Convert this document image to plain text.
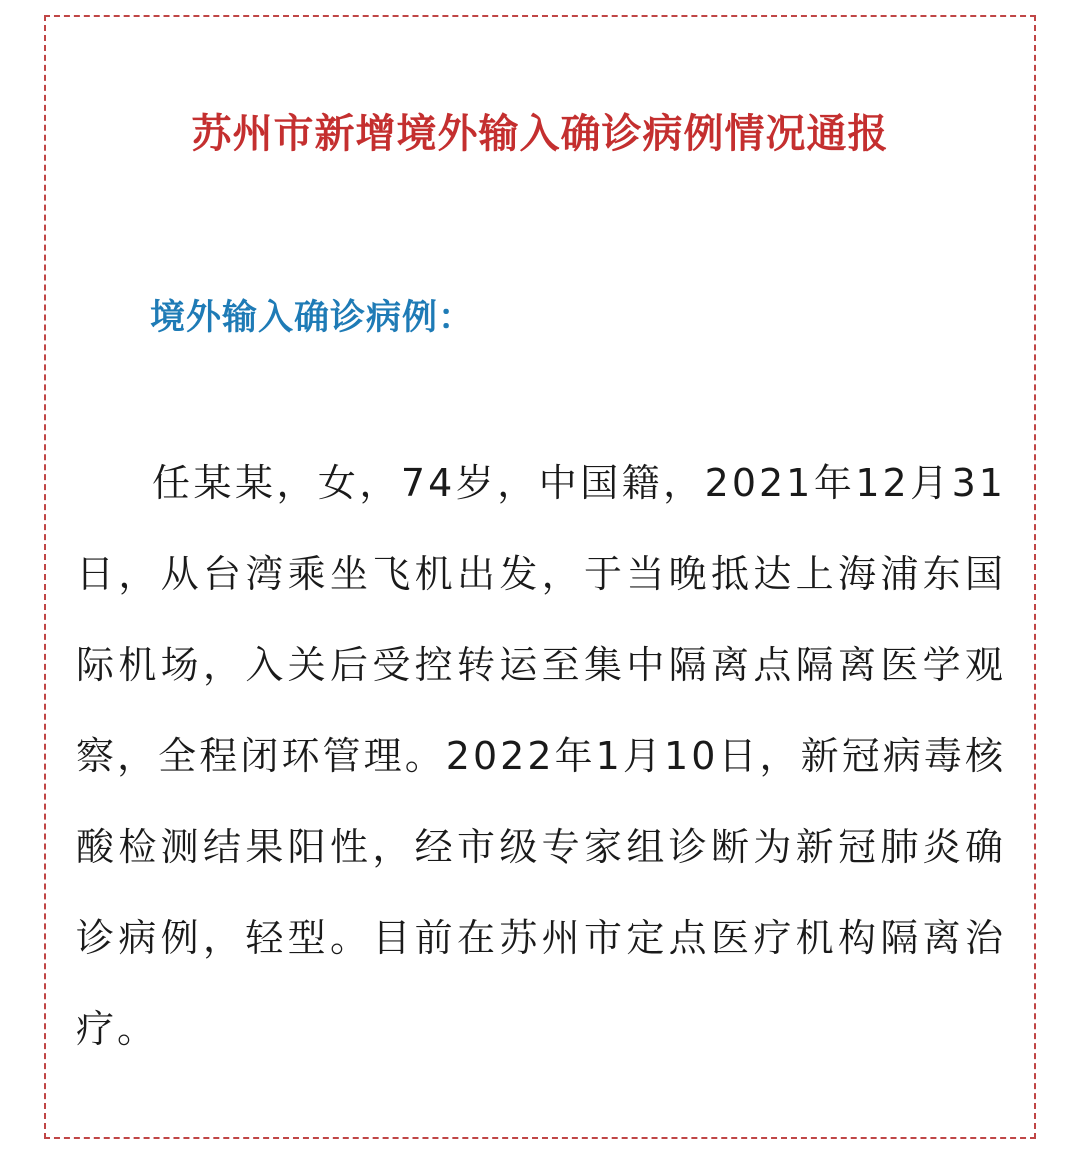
苏州市新增境外输入确诊病例情况通报
境外输入确诊病例：

任某某，女，74岁，中国籍，2021年12月31日，从台湾乘坐飞机出发，于当晚抵达上海浦东国际机场，入关后受控转运至集中隔离点隔离医学观察，全程闭环管理。2022年1月10日，新冠病毒核酸检测结果阳性，经市级专家组诊断为新冠肺炎确诊病例，轻型。目前在苏州市定点医疗机构隔离治疗。
